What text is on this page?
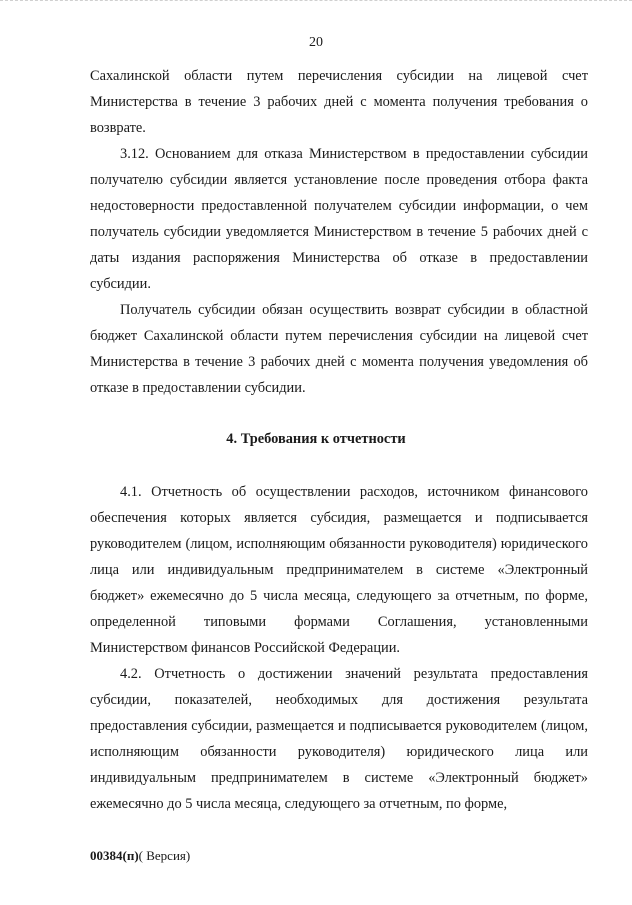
20

Сахалинской области путем перечисления субсидии на лицевой счет Министерства в течение 3 рабочих дней с момента получения требования о возврате.

3.12. Основанием для отказа Министерством в предоставлении субсидии получателю субсидии является установление после проведения отбора факта недостоверности предоставленной получателем субсидии информации, о чем получатель субсидии уведомляется Министерством в течение 5 рабочих дней с даты издания распоряжения Министерства об отказе в предоставлении субсидии.

Получатель субсидии обязан осуществить возврат субсидии в областной бюджет Сахалинской области путем перечисления субсидии на лицевой счет Министерства в течение 3 рабочих дней с момента получения уведомления об отказе в предоставлении субсидии.

4. Требования к отчетности

4.1. Отчетность об осуществлении расходов, источником финансового обеспечения которых является субсидия, размещается и подписывается руководителем (лицом, исполняющим обязанности руководителя) юридического лица или индивидуальным предпринимателем в системе «Электронный бюджет» ежемесячно до 5 числа месяца, следующего за отчетным, по форме, определенной типовыми формами Соглашения, установленными Министерством финансов Российской Федерации.

4.2. Отчетность о достижении значений результата предоставления субсидии, показателей, необходимых для достижения результата предоставления субсидии, размещается и подписывается руководителем (лицом, исполняющим обязанности руководителя) юридического лица или индивидуальным предпринимателем в системе «Электронный бюджет» ежемесячно до 5 числа месяца, следующего за отчетным, по форме,

00384(п)( Версия)
